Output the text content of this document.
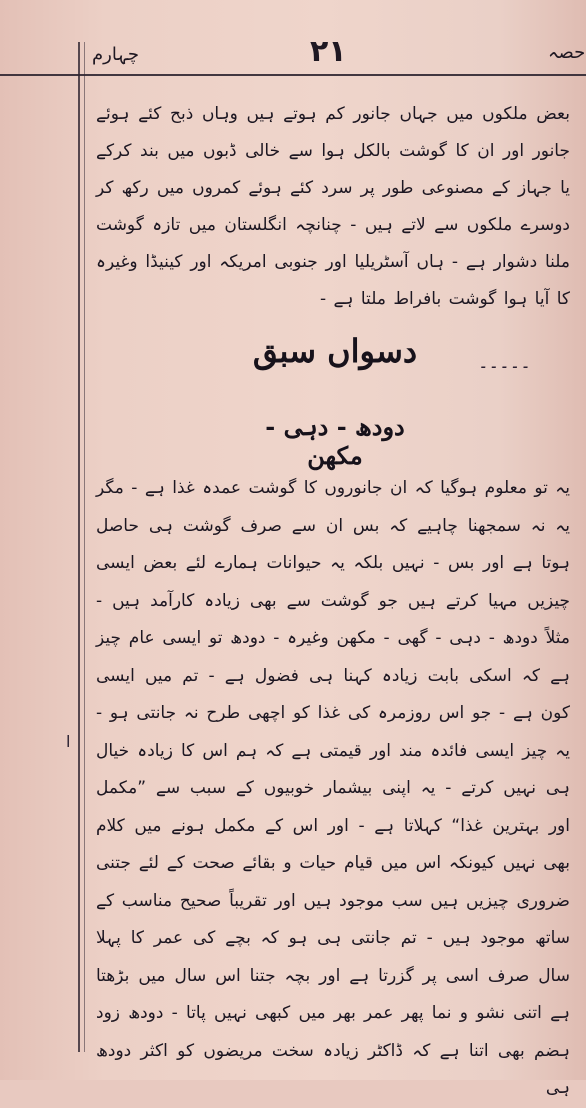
چہارم	۲۱	حصہ
بعض ملکوں میں جہاں جانور کم ہوتے ہیں وہاں ذبح کئے ہوئے جانور اور ان کا گوشت بالکل ہوا سے خالی ڈبوں میں بند کرکے یا جہاز کے مصنوعی طور پر سرد کئے ہوئے کمروں میں رکھ کر دوسرے ملکوں سے لاتے ہیں - چنانچہ انگلستان میں تازہ گوشت ملنا دشوار ہے - ہاں آسٹریلیا اور جنوبی امریکہ اور کینیڈا وغیرہ کا آیا ہوا گوشت بافراط ملتا ہے -
۔۔۔۔۔
دسواں سبق
دودھ - دہی - مکھن
یہ تو معلوم ہوگیا کہ ان جانوروں کا گوشت عمدہ غذا ہے - مگر یہ نہ سمجھنا چاہیے کہ بس ان سے صرف گوشت ہی حاصل ہوتا ہے اور بس - نہیں بلکہ یہ حیوانات ہمارے لئے بعض ایسی چیزیں مہیا کرتے ہیں جو گوشت سے بھی زیادہ کارآمد ہیں - مثلاً دودھ - دہی - گھی - مکھن وغیرہ - دودھ تو ایسی عام چیز ہے کہ اسکی بابت زیادہ کہنا ہی فضول ہے - تم میں ایسی کون ہے - جو اس روزمرہ کی غذا کو اچھی طرح نہ جانتی ہو - یہ چیز ایسی فائدہ مند اور قیمتی ہے کہ ہم اس کا زیادہ خیال ہی نہیں کرتے - یہ اپنی بیشمار خوبیوں کے سبب سے ”مکمل اور بہترین غذا“ کہلاتا ہے - اور اس کے مکمل ہونے میں کلام بھی نہیں کیونکہ اس میں قیام حیات و بقائے صحت کے لئے جتنی ضروری چیزیں ہیں سب موجود ہیں اور تقریباً صحیح مناسب کے ساتھ موجود ہیں - تم جانتی ہی ہو کہ بچے کی عمر کا پہلا سال صرف اسی پر گزرتا ہے اور بچہ جتنا اس سال میں بڑھتا ہے اتنی نشو و نما پھر عمر بھر میں کبھی نہیں پاتا - دودھ زود ہضم بھی اتنا ہے کہ ڈاکٹر زیادہ سخت مریضوں کو اکثر دودھ ہی
ا
